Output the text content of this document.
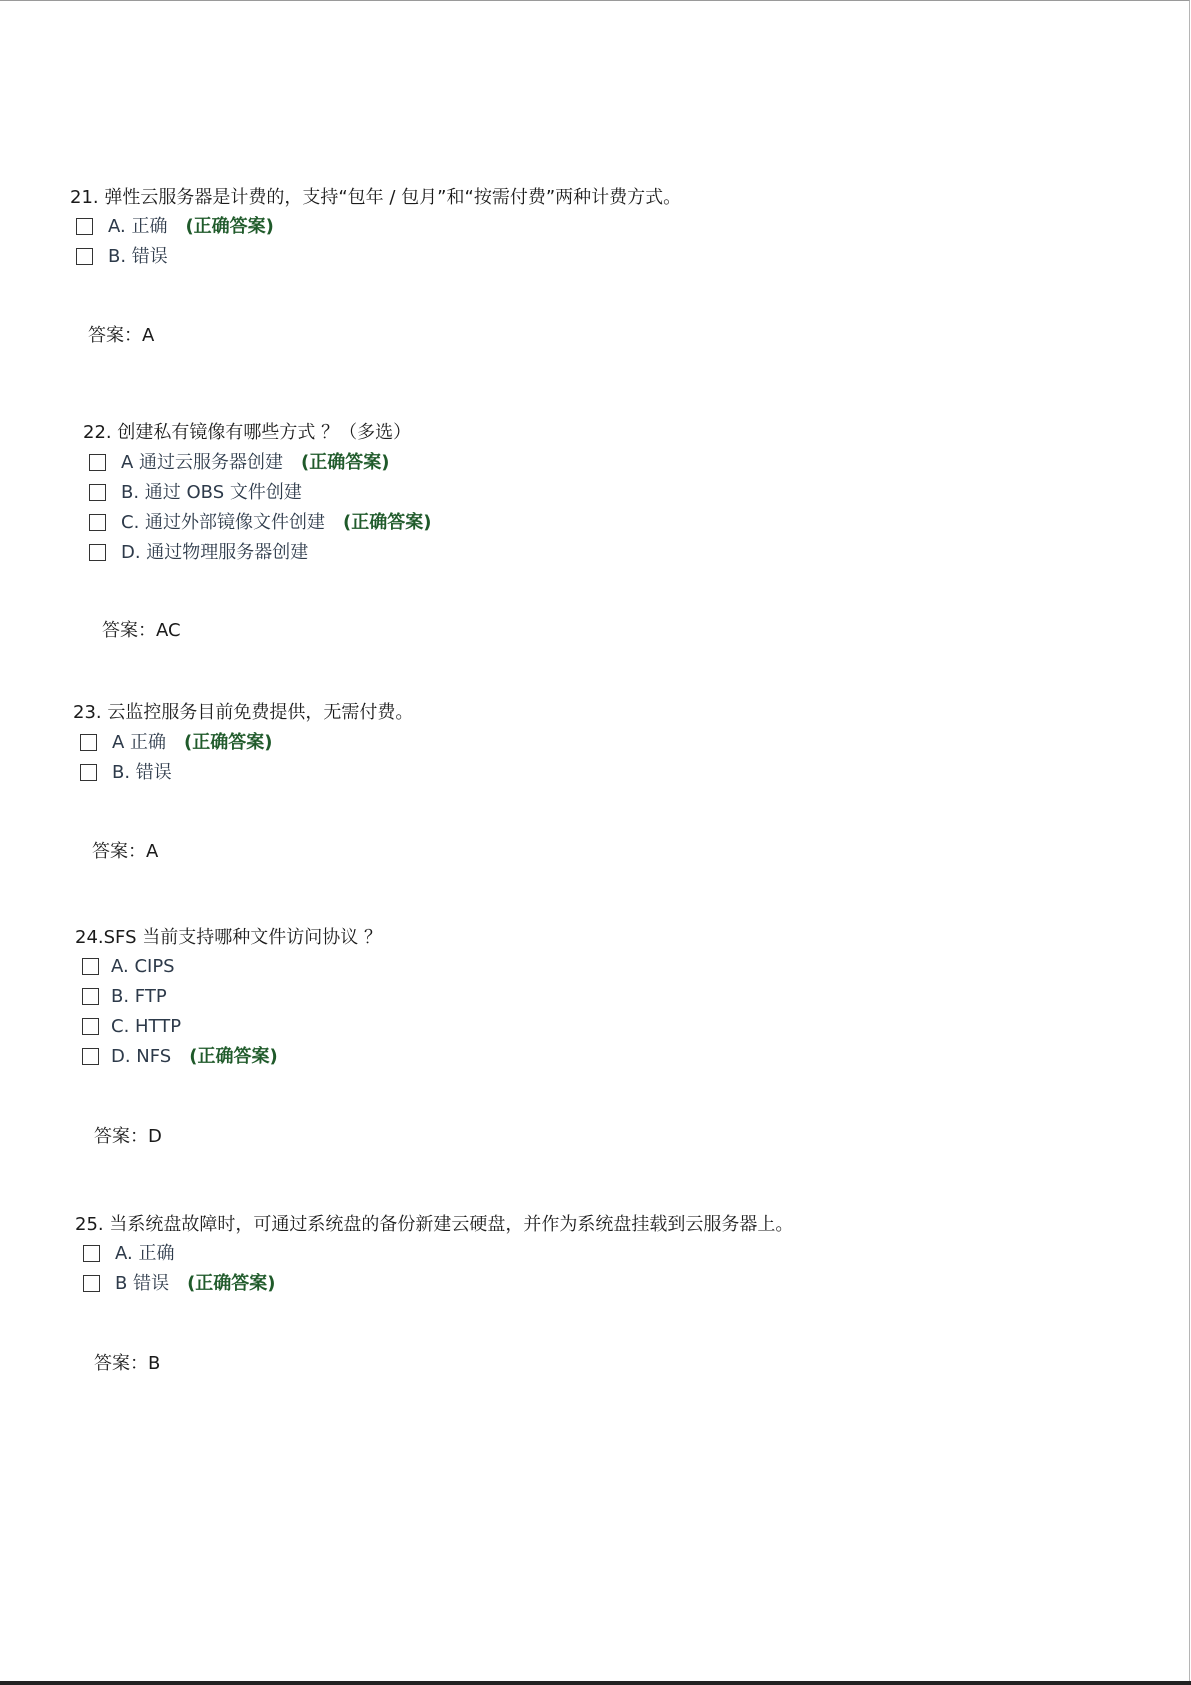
21. 弹性云服务器是计费的，支持“包年 / 包月”和“按需付费”两种计费方式。
A. 正确 (正确答案)
B. 错误
答案：A
22. 创建私有镜像有哪些方式 ？（多选）
A 通过云服务器创建 (正确答案)
B. 通过 OBS 文件创建
C. 通过外部镜像文件创建 (正确答案)
D. 通过物理服务器创建
答案：AC
23. 云监控服务目前免费提供，无需付费。
A 正确 (正确答案)
B. 错误
答案：A
24.SFS 当前支持哪种文件访问协议 ？
A. CIPS
B. FTP
C. HTTP
D. NFS (正确答案)
答案：D
25. 当系统盘故障时，可通过系统盘的备份新建云硬盘，并作为系统盘挂载到云服务器上。
A. 正确
B 错误 (正确答案)
答案：B
